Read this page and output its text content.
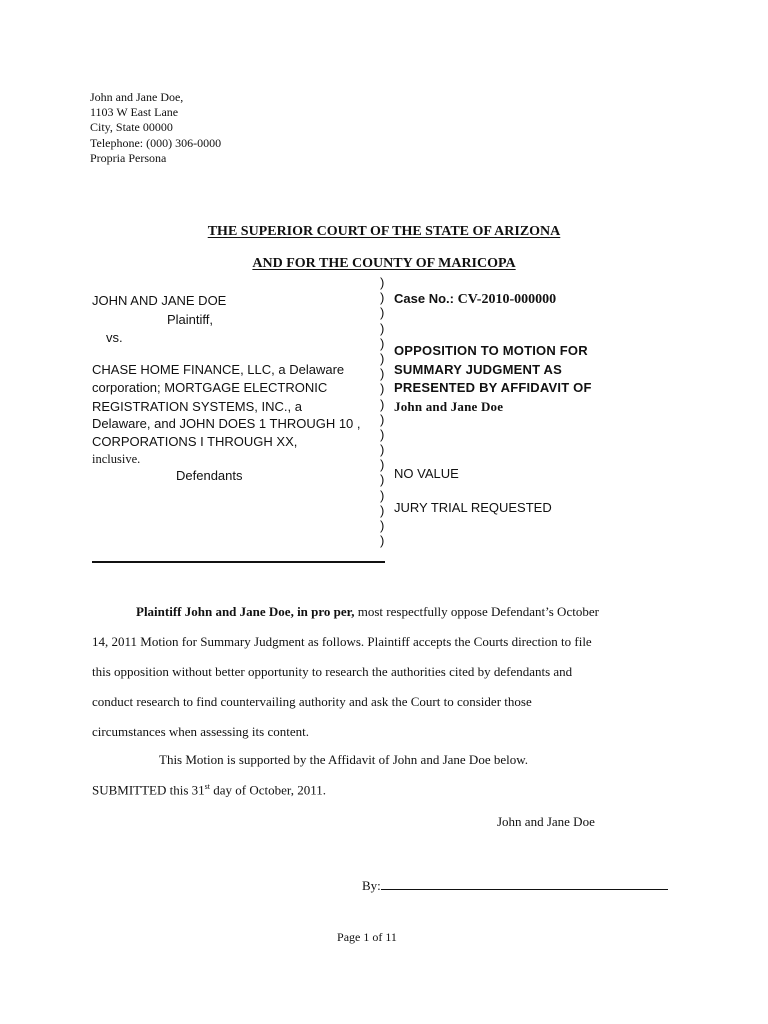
John and Jane Doe,
1103 W East Lane
City, State 00000
Telephone: (000) 306-0000
Propria Persona
THE SUPERIOR COURT OF THE STATE OF ARIZONA
AND FOR THE COUNTY OF MARICOPA
JOHN AND JANE DOE
Plaintiff,
vs.
CHASE HOME FINANCE, LLC, a Delaware
corporation; MORTGAGE ELECTRONIC
REGISTRATION SYSTEMS, INC., a
Delaware, and JOHN DOES 1 THROUGH 10 ,
CORPORATIONS I THROUGH XX,
inclusive.
Defendants
)
)
)
)
)
)
)
)
)
)
)
)
)
)
)
)
)
)
Case No.: CV-2010-000000
OPPOSITION TO MOTION FOR
SUMMARY JUDGMENT AS
PRESENTED BY AFFIDAVIT OF
John and Jane Doe
NO VALUE
JURY TRIAL REQUESTED

Plaintiff John and Jane Doe, in pro per, most respectfully oppose Defendant’s October

14, 2011 Motion for Summary Judgment as follows. Plaintiff accepts the Courts direction to file

this opposition without better opportunity to research the authorities cited by defendants and

conduct research to find countervailing authority and ask the Court to consider those

circumstances when assessing its content.

This Motion is supported by the Affidavit of John and Jane Doe below.
SUBMITTED this 31st day of October, 2011.
John and Jane Doe
By:
Page 1 of 11
